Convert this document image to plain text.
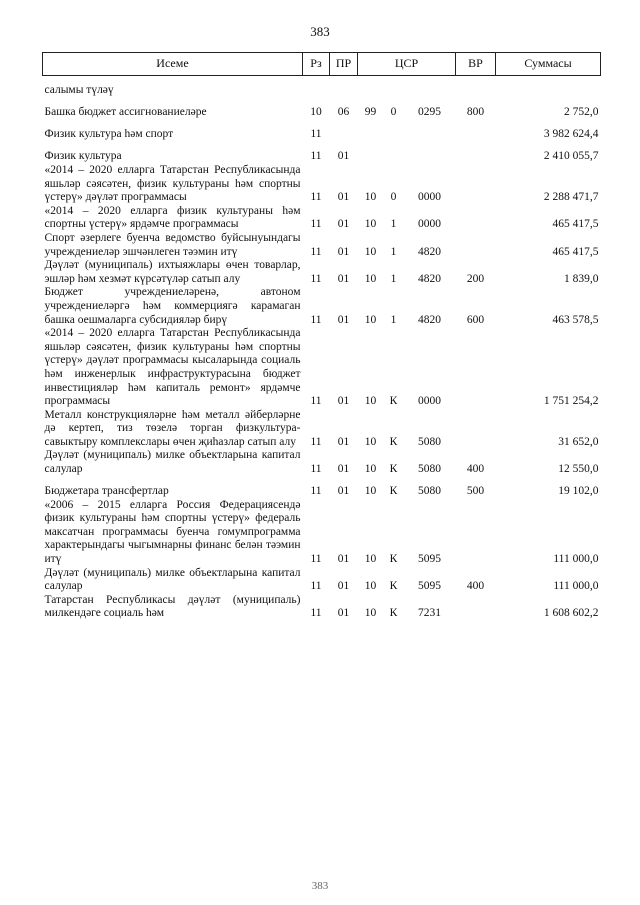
383
Исеме	Рз	ПР	ЦСР			ВР	Суммасы
салымы түләү							
Башка бюджет ассигнованиеләре	10	06	99	0	0295	800	2 752,0
Физик культура һәм спорт	11						3 982 624,4
Физик культура	11	01					2 410 055,7
«2014 – 2020 елларга Татарстан Республикасында яшьләр сәясәтен, физик культураны һәм спортны үстерү» дәүләт программасы	11	01	10	0	0000		2 288 471,7
«2014 – 2020 елларга физик культураны һәм спортны үстерү» ярдәмче программасы	11	01	10	1	0000		465 417,5
Спорт әзерлеге буенча ведомство буйсынуындагы учреждениеләр эшчәнлеген тәэмин итү	11	01	10	1	4820		465 417,5
Дәүләт (муниципаль) ихтыяжлары өчен товарлар, эшләр һәм хезмәт күрсәтүләр сатып алу	11	01	10	1	4820	200	1 839,0
Бюджет учреждениеләренә, автоном учреждениеләргә һәм коммерциягә карамаган башка оешмаларга субсидияләр бирү	11	01	10	1	4820	600	463 578,5
«2014 – 2020 елларга Татарстан Республикасында яшьләр сәясәтен, физик культураны һәм спортны үстерү» дәүләт программасы кысаларында социаль һәм инженерлык инфраструктурасына бюджет инвестицияләр һәм капиталь ремонт» ярдәмче программасы	11	01	10	К	0000		1 751 254,2
Металл конструкцияләрне һәм металл әйберләрне дә кертеп, тиз төзелә торган физкультура-савыктыру комплекслары өчен җиһазлар сатып алу	11	01	10	К	5080		31 652,0
Дәүләт (муниципаль) милке объектларына капитал салулар	11	01	10	К	5080	400	12 550,0
Бюджетара трансфертлар	11	01	10	К	5080	500	19 102,0
«2006 – 2015 елларга Россия Федерациясендә физик культураны һәм спортны үстерү» федераль максатчан программасы буенча гомумпрограмма характерындагы чыгымнарны финанс белән тәэмин итү	11	01	10	К	5095		111 000,0
Дәүләт (муниципаль) милке объектларына капитал салулар	11	01	10	К	5095	400	111 000,0
Татарстан Республикасы дәүләт (муниципаль) милкендәге социаль һәм	11	01	10	К	7231		1 608 602,2
383
